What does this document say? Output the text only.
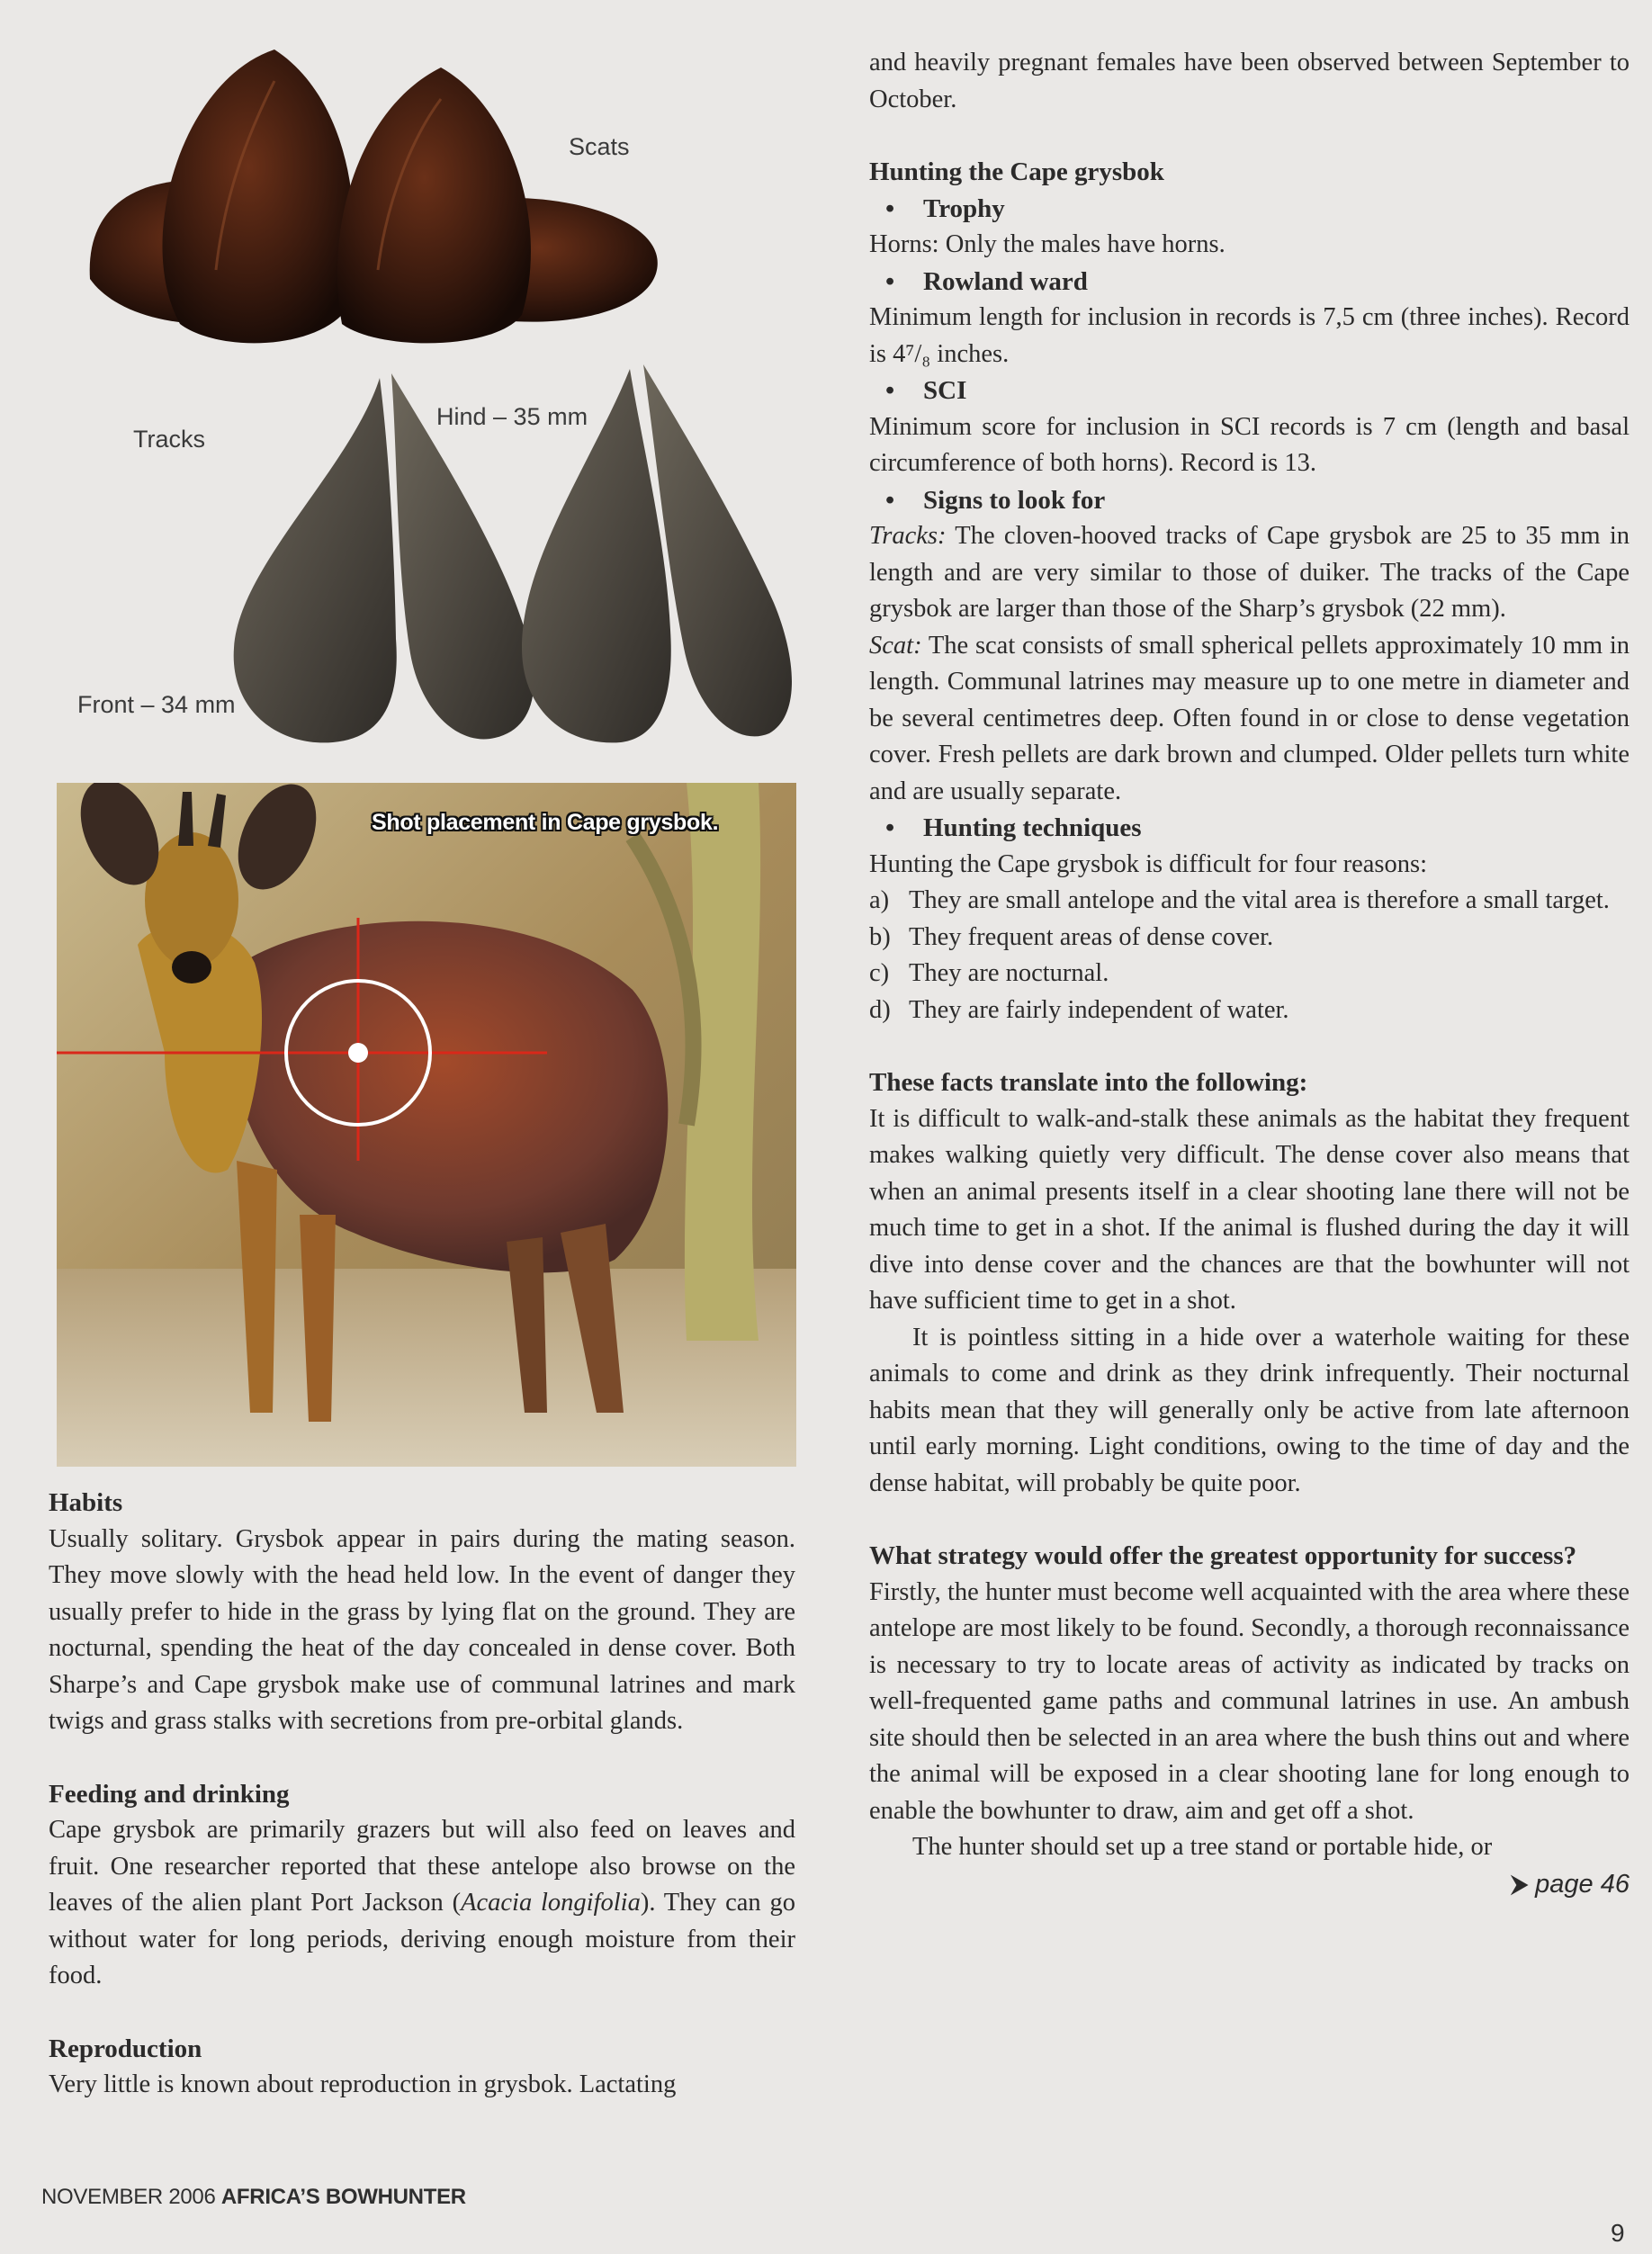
Scats
Tracks
Hind – 35 mm
Front – 34 mm
Shot placement in Cape grysbok.
Habits

Usually solitary. Grysbok appear in pairs during the mating season. They move slowly with the head held low. In the event of danger they usually prefer to hide in the grass by lying flat on the ground. They are nocturnal, spending the heat of the day concealed in dense cover. Both Sharpe’s and Cape grysbok make use of communal latrines and mark twigs and grass stalks with secretions from pre-orbital glands.

Feeding and drinking

Cape grysbok are primarily grazers but will also feed on leaves and fruit. One researcher reported that these antelope also browse on the leaves of the alien plant Port Jackson (Acacia longifolia). They can go without water for long periods, deriving enough moisture from their food.

Reproduction

Very little is known about reproduction in grysbok. Lactating

and heavily pregnant females have been observed between September to October.

Hunting the Cape grysbok
• Trophy

Horns: Only the males have horns.

• Rowland ward

Minimum length for inclusion in records is 7,5 cm (three inches). Record is 4⁷/₈ inches.

• SCI

Minimum score for inclusion in SCI records is 7 cm (length and basal circumference of both horns). Record is 13.

• Signs to look for

Tracks: The cloven-hooved tracks of Cape grysbok are 25 to 35 mm in length and are very similar to those of duiker. The tracks of the Cape grysbok are larger than those of the Sharp’s grysbok (22 mm).

Scat: The scat consists of small spherical pellets approximately 10 mm in length. Communal latrines may measure up to one metre in diameter and be several centimetres deep. Often found in or close to dense vegetation cover. Fresh pellets are dark brown and clumped. Older pellets turn white and are usually separate.

• Hunting techniques

Hunting the Cape grysbok is difficult for four reasons:

a) They are small antelope and the vital area is therefore a small target.
b) They frequent areas of dense cover.
c) They are nocturnal.
d) They are fairly independent of water.
These facts translate into the following:

It is difficult to walk-and-stalk these animals as the habitat they frequent makes walking quietly very difficult. The dense cover also means that when an animal presents itself in a clear shooting lane there will not be much time to get in a shot. If the animal is flushed during the day it will dive into dense cover and the chances are that the bowhunter will not have sufficient time to get in a shot.

It is pointless sitting in a hide over a waterhole waiting for these animals to come and drink as they drink infrequently. Their nocturnal habits mean that they will generally only be active from late afternoon until early morning. Light conditions, owing to the time of day and the dense habitat, will probably be quite poor.

What strategy would offer the greatest opportunity for success?

Firstly, the hunter must become well acquainted with the area where these antelope are most likely to be found. Secondly, a thorough reconnaissance is necessary to try to locate areas of activity as indicated by tracks on well-frequented game paths and communal latrines in use. An ambush site should then be selected in an area where the bush thins out and where the animal will be exposed in a clear shooting lane for long enough to enable the bowhunter to draw, aim and get off a shot.

The hunter should set up a tree stand or portable hide, or

⮞ page 46
NOVEMBER 2006 AFRICA’S BOWHUNTER
9
